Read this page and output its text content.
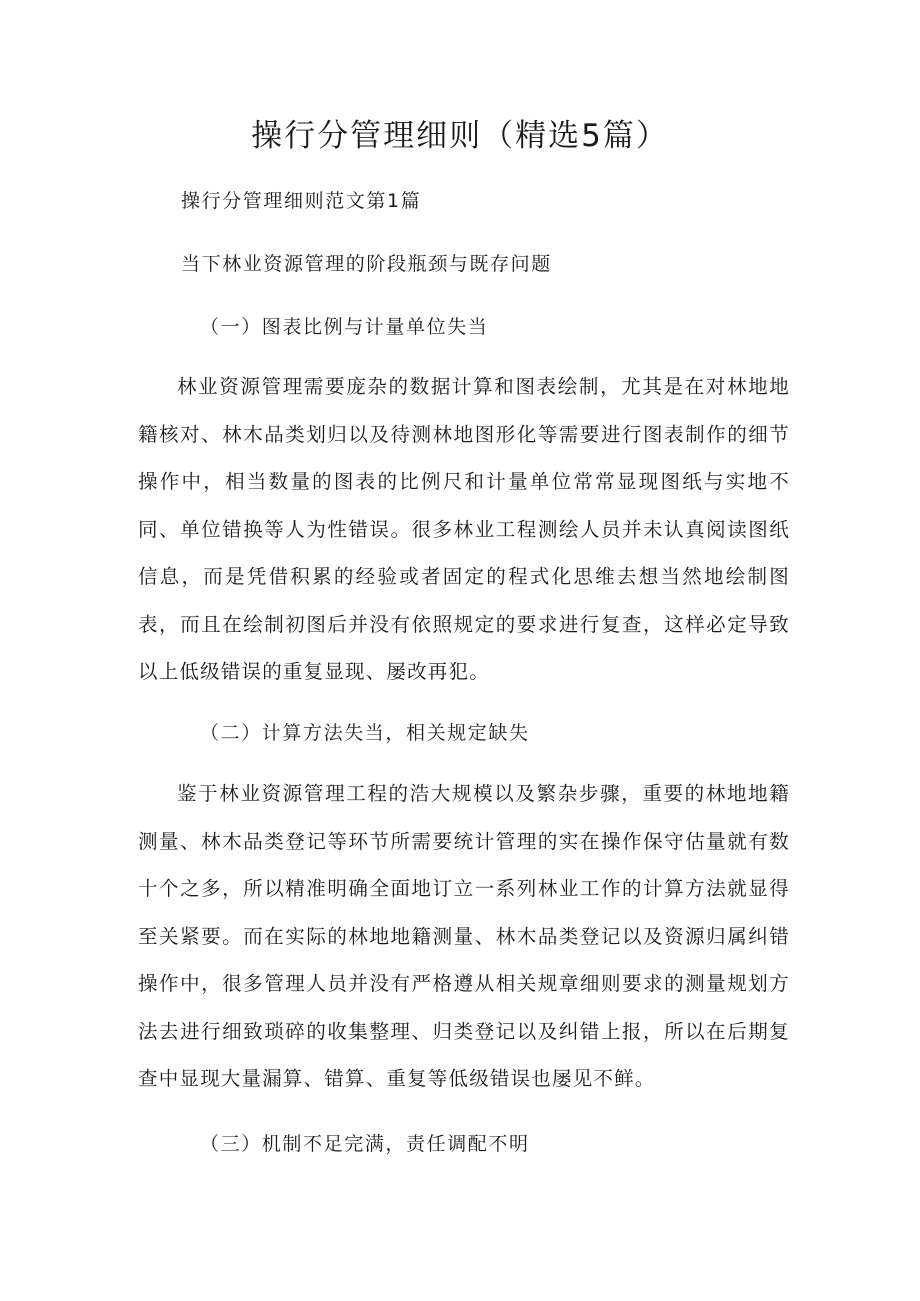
操行分管理细则（精选5篇）

操行分管理细则范文第1篇

当下林业资源管理的阶段瓶颈与既存问题

（一）图表比例与计量单位失当

林业资源管理需要庞杂的数据计算和图表绘制，尤其是在对林地地籍核对、林木品类划归以及待测林地图形化等需要进行图表制作的细节操作中，相当数量的图表的比例尺和计量单位常常显现图纸与实地不同、单位错换等人为性错误。很多林业工程测绘人员并未认真阅读图纸信息，而是凭借积累的经验或者固定的程式化思维去想当然地绘制图表，而且在绘制初图后并没有依照规定的要求进行复查，这样必定导致以上低级错误的重复显现、屡改再犯。

（二）计算方法失当，相关规定缺失

鉴于林业资源管理工程的浩大规模以及繁杂步骤，重要的林地地籍测量、林木品类登记等环节所需要统计管理的实在操作保守估量就有数十个之多，所以精准明确全面地订立一系列林业工作的计算方法就显得至关紧要。而在实际的林地地籍测量、林木品类登记以及资源归属纠错操作中，很多管理人员并没有严格遵从相关规章细则要求的测量规划方法去进行细致琐碎的收集整理、归类登记以及纠错上报，所以在后期复查中显现大量漏算、错算、重复等低级错误也屡见不鲜。

（三）机制不足完满，责任调配不明
